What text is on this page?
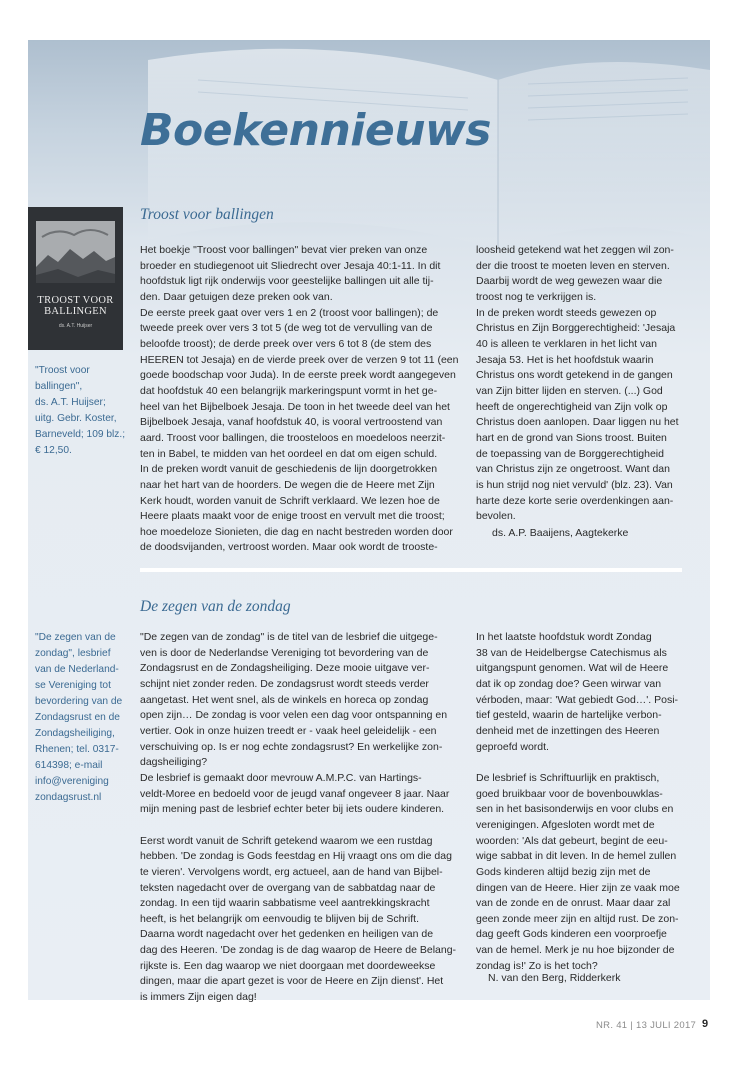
Boekennieuws
Troost voor ballingen
TROOST VOOR
BALLINGEN
ds. A.T. Huijser
"Troost voor
ballingen",
ds. A.T. Huijser;
uitg. Gebr. Koster,
Barneveld; 109 blz.;
€ 12,50.
Het boekje "Troost voor ballingen" bevat vier preken van onze
broeder en studiegenoot uit Sliedrecht over Jesaja 40:1-11. In dit
hoofdstuk ligt rijk onderwijs voor geestelijke ballingen uit alle tij-
den. Daar getuigen deze preken ook van.
De eerste preek gaat over vers 1 en 2 (troost voor ballingen); de
tweede preek over vers 3 tot 5 (de weg tot de vervulling van de
beloofde troost); de derde preek over vers 6 tot 8 (de stem des
HEEREN tot Jesaja) en de vierde preek over de verzen 9 tot 11 (een
goede boodschap voor Juda). In de eerste preek wordt aangegeven
dat hoofdstuk 40 een belangrijk markeringspunt vormt in het ge-
heel van het Bijbelboek Jesaja. De toon in het tweede deel van het
Bijbelboek Jesaja, vanaf hoofdstuk 40, is vooral vertroostend van
aard. Troost voor ballingen, die troosteloos en moedeloos neerzit-
ten in Babel, te midden van het oordeel en dat om eigen schuld.
In de preken wordt vanuit de geschiedenis de lijn doorgetrokken
naar het hart van de hoorders. De wegen die de Heere met Zijn
Kerk houdt, worden vanuit de Schrift verklaard. We lezen hoe de
Heere plaats maakt voor de enige troost en vervult met die troost;
hoe moedeloze Sionieten, die dag en nacht bestreden worden door
de doodsvijanden, vertroost worden. Maar ook wordt de trooste-
loosheid getekend wat het zeggen wil zon-
der die troost te moeten leven en sterven.
Daarbij wordt de weg gewezen waar die
troost nog te verkrijgen is.
In de preken wordt steeds gewezen op
Christus en Zijn Borggerechtigheid: 'Jesaja
40 is alleen te verklaren in het licht van
Jesaja 53. Het is het hoofdstuk waarin
Christus ons wordt getekend in de gangen
van Zijn bitter lijden en sterven. (...) God
heeft de ongerechtigheid van Zijn volk op
Christus doen aanlopen. Daar liggen nu het
hart en de grond van Sions troost. Buiten
de toepassing van de Borggerechtigheid
van Christus zijn ze ongetroost. Want dan
is hun strijd nog niet vervuld' (blz. 23). Van
harte deze korte serie overdenkingen aan-
bevolen.
ds. A.P. Baaijens, Aagtekerke
De zegen van de zondag
"De zegen van de
zondag", lesbrief
van de Nederland-
se Vereniging tot
bevordering van de
Zondagsrust en de
Zondagsheiliging,
Rhenen; tel. 0317-
614398; e-mail
info@vereniging
zondagsrust.nl
"De zegen van de zondag" is de titel van de lesbrief die uitgege-
ven is door de Nederlandse Vereniging tot bevordering van de
Zondagsrust en de Zondagsheiliging. Deze mooie uitgave ver-
schijnt niet zonder reden. De zondagsrust wordt steeds verder
aangetast. Het went snel, als de winkels en horeca op zondag
open zijn… De zondag is voor velen een dag voor ontspanning en
vertier. Ook in onze huizen treedt er - vaak heel geleidelijk - een
verschuiving op. Is er nog echte zondagsrust? En werkelijke zon-
dagsheiliging?
De lesbrief is gemaakt door mevrouw A.M.P.C. van Hartings-
veldt-Moree en bedoeld voor de jeugd vanaf ongeveer 8 jaar. Naar
mijn mening past de lesbrief echter beter bij iets oudere kinderen.

Eerst wordt vanuit de Schrift getekend waarom we een rustdag
hebben. 'De zondag is Gods feestdag en Hij vraagt ons om die dag
te vieren'. Vervolgens wordt, erg actueel, aan de hand van Bijbel-
teksten nagedacht over de overgang van de sabbatdag naar de
zondag. In een tijd waarin sabbatisme veel aantrekkingskracht
heeft, is het belangrijk om eenvoudig te blijven bij de Schrift.
Daarna wordt nagedacht over het gedenken en heiligen van de
dag des Heeren. 'De zondag is de dag waarop de Heere de Belang-
rijkste is. Een dag waarop we niet doorgaan met doordeweekse
dingen, maar die apart gezet is voor de Heere en Zijn dienst'. Het
is immers Zijn eigen dag!
In het laatste hoofdstuk wordt Zondag
38 van de Heidelbergse Catechismus als
uitgangspunt genomen. Wat wil de Heere
dat ik op zondag doe? Geen wirwar van
vérboden, maar: 'Wat gebiedt God…'. Posi-
tief gesteld, waarin de hartelijke verbon-
denheid met de inzettingen des Heeren
geproefd wordt.

De lesbrief is Schriftuurlijk en praktisch,
goed bruikbaar voor de bovenbouwklas-
sen in het basisonderwijs en voor clubs en
verenigingen. Afgesloten wordt met de
woorden: 'Als dat gebeurt, begint de eeu-
wige sabbat in dit leven. In de hemel zullen
Gods kinderen altijd bezig zijn met de
dingen van de Heere. Hier zijn ze vaak moe
van de zonde en de onrust. Maar daar zal
geen zonde meer zijn en altijd rust. De zon-
dag geeft Gods kinderen een voorproefje
van de hemel. Merk je nu hoe bijzonder de
zondag is!' Zo is het toch?
N. van den Berg, Ridderkerk
NR. 41 | 13 JULI 2017 9
